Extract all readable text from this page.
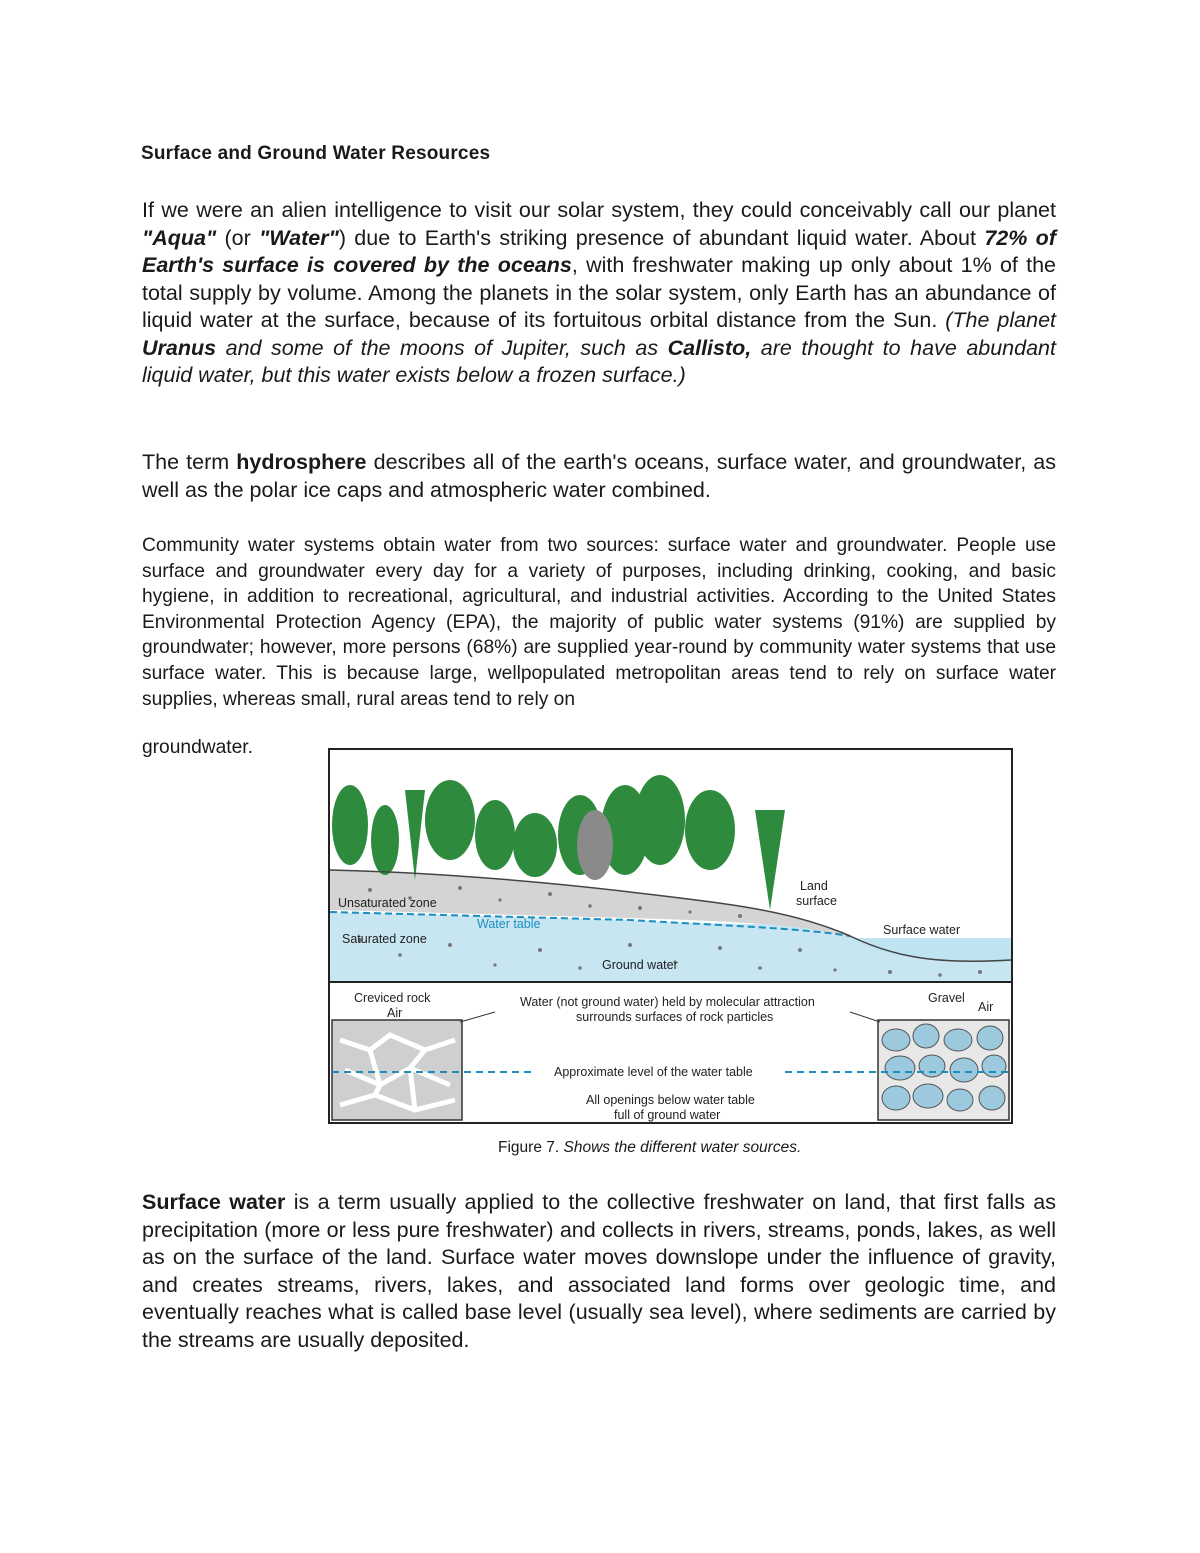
Surface and Ground Water Resources

If we were an alien intelligence to visit our solar system, they could conceivably call our planet "Aqua" (or "Water") due to Earth's striking presence of abundant liquid water. About 72% of Earth's surface is covered by the oceans, with freshwater making up only about 1% of the total supply by volume. Among the planets in the solar system, only Earth has an abundance of liquid water at the surface, because of its fortuitous orbital distance from the Sun. (The planet Uranus and some of the moons of Jupiter, such as Callisto, are thought to have abundant liquid water, but this water exists below a frozen surface.)

The term hydrosphere describes all of the earth's oceans, surface water, and groundwater, as well as the polar ice caps and atmospheric water combined.

Community water systems obtain water from two sources: surface water and groundwater. People use surface and groundwater every day for a variety of purposes, including drinking, cooking, and basic hygiene, in addition to recreational, agricultural, and industrial activities. According to the United States Environmental Protection Agency (EPA), the majority of public water systems (91%) are supplied by groundwater; however, more persons (68%) are supplied year-round by community water systems that use surface water. This is because large, wellpopulated metropolitan areas tend to rely on surface water supplies, whereas small, rural areas tend to rely on

groundwater.

Unsaturated zone
Water table
Saturated zone
Ground water
Land
surface
Surface water
Creviced rock
Air
Gravel
Air
Water (not ground water) held by molecular attraction
surrounds surfaces of rock particles
Approximate level of the water table
All openings below water table
full of ground water

Figure 7. Shows the different water sources.

Surface water is a term usually applied to the collective freshwater on land, that first falls as precipitation (more or less pure freshwater) and collects in rivers, streams, ponds, lakes, as well as on the surface of the land. Surface water moves downslope under the influence of gravity, and creates streams, rivers, lakes, and associated land forms over geologic time, and eventually reaches what is called base level (usually sea level), where sediments are carried by the streams are usually deposited.
